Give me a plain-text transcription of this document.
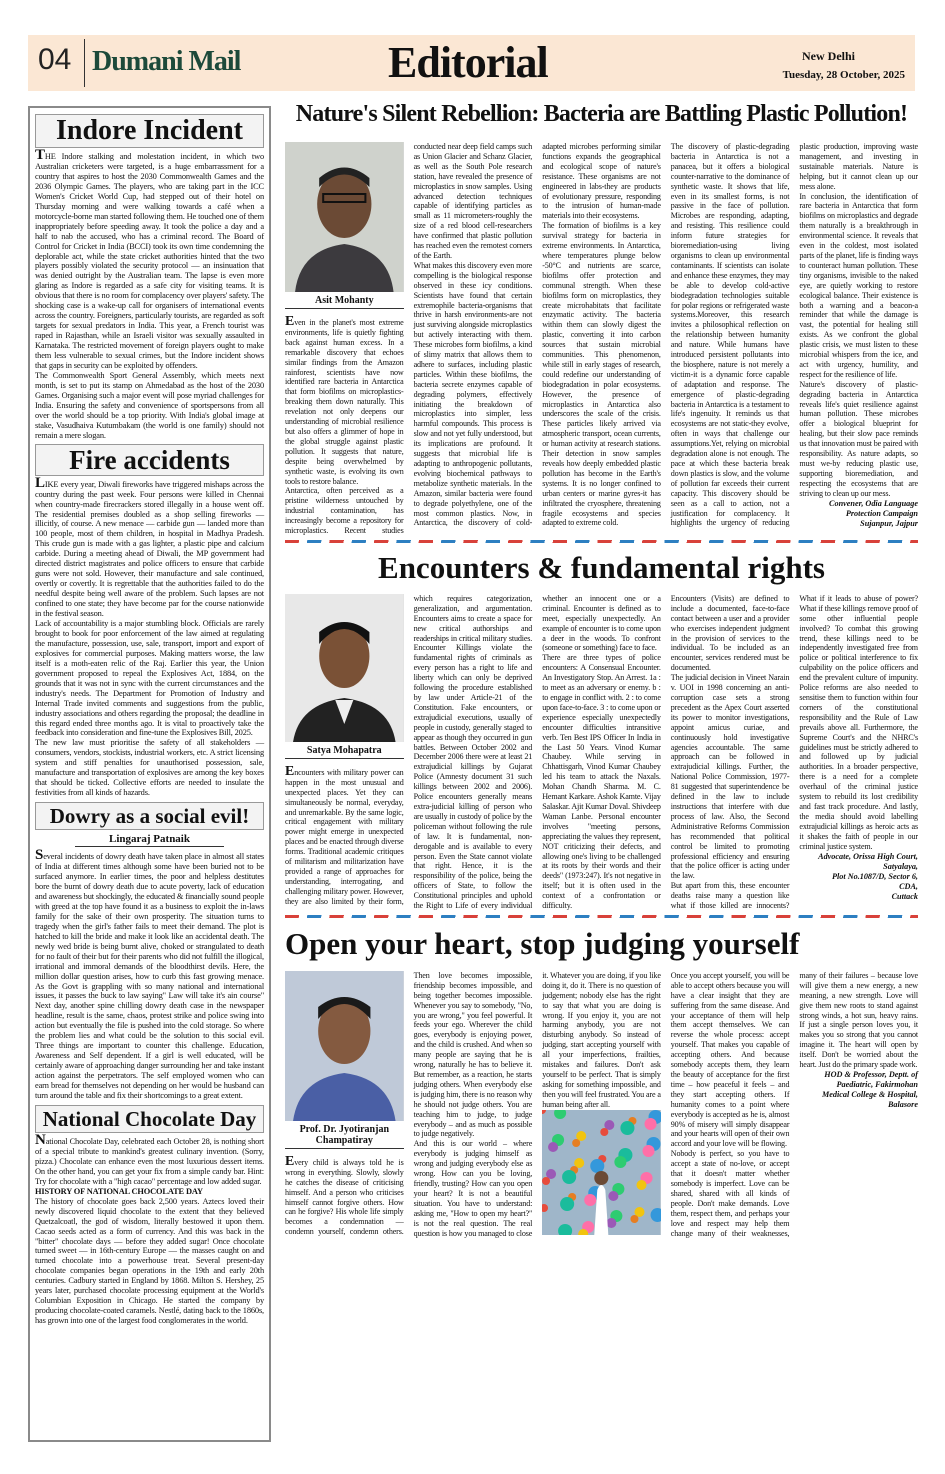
04 Dumani Mail	Editorial	New Delhi
Tuesday, 28 October, 2025
Indore Incident

THE Indore stalking and molestation incident, in which two Australian cricketers were targeted, is a huge embarrassment for a country that aspires to host the 2030 Commonwealth Games and the 2036 Olympic Games. The players, who are taking part in the ICC Women's Cricket World Cup, had stepped out of their hotel on Thursday morning and were walking towards a café when a motorcycle-borne man started following them. He touched one of them inappropriately before speeding away. It took the police a day and a half to nab the accused, who has a criminal record. The Board of Control for Cricket in India (BCCI) took its own time condemning the deplorable act, while the state cricket authorities hinted that the two players possibly violated the security protocol — an insinuation that was denied outright by the Australian team. The lapse is even more glaring as Indore is regarded as a safe city for visiting teams. It is obvious that there is no room for complacency over players' safety. The shocking case is a wake-up call for organisers of international events across the country. Foreigners, particularly tourists, are regarded as soft targets for sexual predators in India. This year, a French tourist was raped in Rajasthan, while an Israeli visitor was sexually assaulted in Karnataka. The restricted movement of foreign players ought to make them less vulnerable to sexual crimes, but the Indore incident shows that gaps in security can be exploited by offenders.

The Commonwealth Sport General Assembly, which meets next month, is set to put its stamp on Ahmedabad as the host of the 2030 Games. Organising such a major event will pose myriad challenges for India. Ensuring the safety and convenience of sportspersons from all over the world should be a top priority. With India's global image at stake, Vasudhaiva Kutumbakam (the world is one family) should not remain a mere slogan.

Fire accidents

LIKE every year, Diwali fireworks have triggered mishaps across the country during the past week. Four persons were killed in Chennai when country-made firecrackers stored illegally in a house went off. The residential premises doubled as a shop selling fireworks — illicitly, of course. A new menace — carbide gun — landed more than 100 people, most of them children, in hospital in Madhya Pradesh. This crude gun is made with a gas lighter, a plastic pipe and calcium carbide. During a meeting ahead of Diwali, the MP government had directed district magistrates and police officers to ensure that carbide guns were not sold. However, their manufacture and sale continued, overtly or covertly. It is regrettable that the authorities failed to do the needful despite being well aware of the problem. Such lapses are not confined to one state; they have become par for the course nationwide in the festival season.

Lack of accountability is a major stumbling block. Officials are rarely brought to book for poor enforcement of the law aimed at regulating the manufacture, possession, use, sale, transport, import and export of explosives for commercial purposes. Making matters worse, the law itself is a moth-eaten relic of the Raj. Earlier this year, the Union government proposed to repeal the Explosives Act, 1884, on the grounds that it was not in sync with the current circumstances and the industry's needs. The Department for Promotion of Industry and Internal Trade invited comments and suggestions from the public, industry associations and others regarding the proposal; the deadline in this regard ended three months ago. It is vital to proactively take the feedback into consideration and fine-tune the Explosives Bill, 2025.

The new law must prioritise the safety of all stakeholders — consumers, vendors, stockists, industrial workers, etc. A strict licensing system and stiff penalties for unauthorised possession, sale, manufacture and transportation of explosives are among the key boxes that should be ticked. Collective efforts are needed to insulate the festivities from all kinds of hazards.

Dowry as a social evil!
Lingaraj Patnaik

Several incidents of dowry death have taken place in almost all states of India at different times although some have been buried not to be surfaced anymore. In earlier times, the poor and helpless destitutes bore the burnt of dowry death due to acute poverty, lack of education and awareness but shockingly, the educated & financially sound people with greed at the top have found it as a business to exploit the in-laws family for the sake of their own prosperity. The situation turns to tragedy when the girl's father fails to meet their demand. The plot is hatched to kill the bride and make it look like an accidental death. The newly wed bride is being burnt alive, choked or strangulated to death for no fault of their but for their parents who did not fulfill the illogical, irrational and immoral demands of the bloodthirst devils. Here, the million dollar question arises, how to curb this fast growing menace. As the Govt is grappling with so many national and international issues, it passes the buck to law saying" Law will take it's ain course" Next day, another spine chilling dowry death case in the newspaper headline, result is the same, chaos, protest strike and police swing into action but eventually the file is pushed into the cold storage. So where the problem lies and what could be the solution to this social evil. Three things are important to counter this challenge. Education, Awareness and Self dependent. If a girl is well educated, will be certainly aware of approaching danger surrounding her and take instant action against the perpetrators. The self employed women who can earn bread for themselves not depending on her would be husband can turn around the table and fix their shortcomings to a great extent.

National Chocolate Day

National Chocolate Day, celebrated each October 28, is nothing short of a special tribute to mankind's greatest culinary invention. (Sorry, pizza.) Chocolate can enhance even the most luxurious dessert items. On the other hand, you can get your fix from a simple candy bar. Hint: Try for chocolate with a "high cacao" percentage and low added sugar.

HISTORY OF NATIONAL CHOCOLATE DAY

The history of chocolate goes back 2,500 years. Aztecs loved their newly discovered liquid chocolate to the extent that they believed Quetzalcoatl, the god of wisdom, literally bestowed it upon them. Cacao seeds acted as a form of currency. And this was back in the "bitter" chocolate days — before they added sugar! Once chocolate turned sweet — in 16th-century Europe — the masses caught on and turned chocolate into a powerhouse treat. Several present-day chocolate companies began operations in the 19th and early 20th centuries. Cadbury started in England by 1868. Milton S. Hershey, 25 years later, purchased chocolate processing equipment at the World's Columbian Exposition in Chicago. He started the company by producing chocolate-coated caramels. Nestlé, dating back to the 1860s, has grown into one of the largest food conglomerates in the world.

Nature's Silent Rebellion: Bacteria are Battling Plastic Pollution!
Asit Mohanty

Even in the planet's most extreme environments, life is quietly fighting back against human excess. In a remarkable discovery that echoes similar findings from the Amazon rainforest, scientists have now identified rare bacteria in Antarctica that form biofilms on microplastics-breaking them down naturally. This revelation not only deepens our understanding of microbial resilience but also offers a glimmer of hope in the global struggle against plastic pollution. It suggests that nature, despite being overwhelmed by synthetic waste, is evolving its own tools to restore balance.

Antarctica, often perceived as a pristine wilderness untouched by industrial contamination, has increasingly become a repository for microplastics. Recent studies conducted near deep field camps such as Union Glacier and Schanz Glacier, as well as the South Pole research station, have revealed the presence of microplastics in snow samples. Using advanced detection techniques capable of identifying particles as small as 11 micrometers-roughly the size of a red blood cell-researchers have confirmed that plastic pollution has reached even the remotest corners of the Earth.

What makes this discovery even more compelling is the biological response observed in these icy conditions. Scientists have found that certain extremophile bacteria-organisms that thrive in harsh environments-are not just surviving alongside microplastics but actively interacting with them. These microbes form biofilms, a kind of slimy matrix that allows them to adhere to surfaces, including plastic particles. Within these biofilms, the bacteria secrete enzymes capable of degrading polymers, effectively initiating the breakdown of microplastics into simpler, less harmful compounds. This process is slow and not yet fully understood, but its implications are profound. It suggests that microbial life is adapting to anthropogenic pollutants, evolving biochemical pathways to metabolize synthetic materials. In the Amazon, similar bacteria were found to degrade polyethylene, one of the most common plastics. Now, in Antarctica, the discovery of cold-adapted microbes performing similar functions expands the geographical and ecological scope of nature's resistance. These organisms are not engineered in labs-they are products of evolutionary pressure, responding to the intrusion of human-made materials into their ecosystems.

The formation of biofilms is a key survival strategy for bacteria in extreme environments. In Antarctica, where temperatures plunge below -50°C and nutrients are scarce, biofilms offer protection and communal strength. When these biofilms form on microplastics, they create microhabitats that facilitate enzymatic activity. The bacteria within them can slowly digest the plastic, converting it into carbon sources that sustain microbial communities. This phenomenon, while still in early stages of research, could redefine our understanding of biodegradation in polar ecosystems. However, the presence of microplastics in Antarctica also underscores the scale of the crisis. These particles likely arrived via atmospheric transport, ocean currents, or human activity at research stations. Their detection in snow samples reveals how deeply embedded plastic pollution has become in the Earth's systems. It is no longer confined to urban centers or marine gyres-it has infiltrated the cryosphere, threatening fragile ecosystems and species adapted to extreme cold.

The discovery of plastic-degrading bacteria in Antarctica is not a panacea, but it offers a biological counter-narrative to the dominance of synthetic waste. It shows that life, even in its smallest forms, is not passive in the face of pollution. Microbes are responding, adapting, and resisting. This resilience could inform future strategies for bioremediation-using living organisms to clean up environmental contaminants. If scientists can isolate and enhance these enzymes, they may be able to develop cold-active biodegradation technologies suitable for polar regions or refrigerated waste systems.Moreover, this research invites a philosophical reflection on the relationship between humanity and nature. While humans have introduced persistent pollutants into the biosphere, nature is not merely a victim-it is a dynamic force capable of adaptation and response. The emergence of plastic-degrading bacteria in Antarctica is a testament to life's ingenuity. It reminds us that ecosystems are not static-they evolve, often in ways that challenge our assumptions.Yet, relying on microbial degradation alone is not enough. The pace at which these bacteria break down plastics is slow, and the volume of pollution far exceeds their current capacity. This discovery should be seen as a call to action, not a justification for complacency. It highlights the urgency of reducing plastic production, improving waste management, and investing in sustainable materials. Nature is helping, but it cannot clean up our mess alone.

In conclusion, the identification of rare bacteria in Antarctica that form biofilms on microplastics and degrade them naturally is a breakthrough in environmental science. It reveals that even in the coldest, most isolated parts of the planet, life is finding ways to counteract human pollution. These tiny organisms, invisible to the naked eye, are quietly working to restore ecological balance. Their existence is both a warning and a beacon-a reminder that while the damage is vast, the potential for healing still exists. As we confront the global plastic crisis, we must listen to these microbial whispers from the ice, and act with urgency, humility, and respect for the resilience of life.

Nature's discovery of plastic-degrading bacteria in Antarctica reveals life's quiet resilience against human pollution. These microbes offer a biological blueprint for healing, but their slow pace reminds us that innovation must be paired with responsibility. As nature adapts, so must we-by reducing plastic use, supporting bioremediation, and respecting the ecosystems that are striving to clean up our mess.

Convener, Odia Language
Protection Campaign
Sujanpur, Jajpur
Encounters & fundamental rights
Satya Mohapatra

Encounters with military power can happen in the most unusual and unexpected places. Yet they can simultaneously be normal, everyday, and unremarkable. By the same logic, critical engagement with military power might emerge in unexpected places and be enacted through diverse forms. Traditional academic critiques of militarism and militarization have provided a range of approaches for understanding, interrogating, and challenging military power. However, they are also limited by their form, which requires categorization, generalization, and argumentation. Encounters aims to create a space for new critical authorships and readerships in critical military studies. Encounter Killings violate the fundamental rights of criminals as every person has a right to life and liberty which can only be deprived following the procedure established by law under Article-21 of the Constitution. Fake encounters, or extrajudicial executions, usually of people in custody, generally staged to appear as though they occurred in gun battles. Between October 2002 and December 2006 there were at least 21 extrajudicial killings by Gujarat Police (Amnesty document 31 such killings between 2002 and 2006). Police encounters generally means extra-judicial killing of person who are usually in custody of police by the policeman without following the rule of law. It is fundamental, non-derogable and is available to every person. Even the State cannot violate that right. Hence, it is the responsibility of the police, being the officers of State, to follow the Constitutional principles and uphold the Right to Life of every individual whether an innocent one or a criminal. Encounter is defined as to meet, especially unexpectedly. An example of encounter is to come upon a deer in the woods. To confront (someone or something) face to face.

There are three types of police encounters: A Consensual Encounter. An Investigatory Stop. An Arrest. 1a : to meet as an adversary or enemy. b : to engage in conflict with. 2 : to come upon face-to-face. 3 : to come upon or experience especially unexpectedly encounter difficulties intransitive verb. Ten Best IPS Officer In India in the Last 50 Years. Vinod Kumar Chaubey. While serving in Chhattisgarh, Vinod Kumar Chaubey led his team to attack the Naxals. Mohan Chandh Sharma. M. C. Hemant Karkare. Ashok Kamte. Vijay Salaskar. Ajit Kumar Doval. Shivdeep Waman Lanbe. Personal encounter involves "meeting persons, appreciating the values they represent, NOT criticizing their defects, and allowing one's living to be challenged at its roots by their words and their deeds" (1973:247). It's not negative in itself; but it is often used in the context of a confrontation or difficulty.

Encounters (Visits) are defined to include a documented, face-to-face contact between a user and a provider who exercises independent judgment in the provision of services to the individual. To be included as an encounter, services rendered must be documented.

The judicial decision in Vineet Narain v. UOI in 1998 concerning an anti-corruption case sets a strong precedent as the Apex Court asserted its power to monitor investigations, appoint amicus curiae, and continuously hold investigative agencies accountable. The same approach can be followed in extrajudicial killings. Further, the National Police Commission, 1977-81 suggested that superintendence be defined in the law to include instructions that interfere with due process of law. Also, the Second Administrative Reforms Commission has recommended that political control be limited to promoting professional efficiency and ensuring that the police officer is acting under the law.

But apart from this, these encounter deaths raise many a question like what if those killed are innocents? What if it leads to abuse of power? What if these killings remove proof of some other influential people involved? To combat this growing trend, these killings need to be independently investigated free from police or political interference to fix culpability on the police officers and end the prevalent culture of impunity. Police reforms are also needed to sensitise them to function within four corners of the constitutional responsibility and the Rule of Law prevails above all. Furthermore, the Supreme Court's and the NHRC's guidelines must be strictly adhered to and followed up by judicial authorities. In a broader perspective, there is a need for a complete overhaul of the criminal justice system to rebuild its lost credibility and fast track procedure. And lastly, the media should avoid labelling extrajudicial killings as heroic acts as it shakes the faith of people in our criminal justice system.

Advocate, Orissa High Court,
Satyalaya,
Plot No.1087/D, Sector 6,
CDA,
Cuttack
Open your heart, stop judging yourself
Prof. Dr. Jyotiranjan Champatiray

Every child is always told he is wrong in everything. Slowly, slowly he catches the disease of criticising himself. And a person who criticises himself cannot forgive others. How can he forgive? His whole life simply becomes a condemnation — condemn yourself, condemn others. Then love becomes impossible, friendship becomes impossible, and being together becomes impossible. Whenever you say to somebody, "No, you are wrong," you feel powerful. It feeds your ego. Wherever the child goes, everybody is enjoying power, and the child is crushed. And when so many people are saying that he is wrong, naturally he has to believe it. But remember, as a reaction, he starts judging others. When everybody else is judging him, there is no reason why he should not judge others. You are teaching him to judge, to judge everybody – and as much as possible to judge negatively.

And this is our world – where everybody is judging himself as wrong and judging everybody else as wrong. How can you be loving, friendly, trusting? How can you open your heart? It is not a beautiful situation. You have to understand: asking me, "How to open my heart?" is not the real question. The real question is how you managed to close it. Whatever you are doing, if you like doing it, do it. There is no question of judgement; nobody else has the right to say that what you are doing is wrong. If you enjoy it, you are not harming anybody, you are not disturbing anybody. So instead of judging, start accepting yourself with all your imperfections, frailties, mistakes and failures. Don't ask yourself to be perfect. That is simply asking for something impossible, and then you will feel frustrated. You are a human being after all.

Once you accept yourself, you will be able to accept others because you will have a clear insight that they are suffering from the same disease. And your acceptance of them will help them accept themselves. We can reverse the whole process: accept yourself. That makes you capable of accepting others. And because somebody accepts them, they learn the beauty of acceptance for the first time – how peaceful it feels – and they start accepting others. If humanity comes to a point where everybody is accepted as he is, almost 90% of misery will simply disappear and your hearts will open of their own accord and your love will be flowing.

Nobody is perfect, so you have to accept a state of no-love, or accept that it doesn't matter whether somebody is imperfect. Love can be shared, shared with all kinds of people. Don't make demands. Love them, respect them, and perhaps your love and respect may help them change many of their weaknesses, many of their failures – because love will give them a new energy, a new meaning, a new strength. Love will give them new roots to stand against strong winds, a hot sun, heavy rains. If just a single person loves you, it makes you so strong that you cannot imagine it. The heart will open by itself. Don't be worried about the heart. Just do the primary spade work.

HOD & Professor, Deptt. of
Paediatric, Fakirmohan
Medical College & Hospital,
Balasore
